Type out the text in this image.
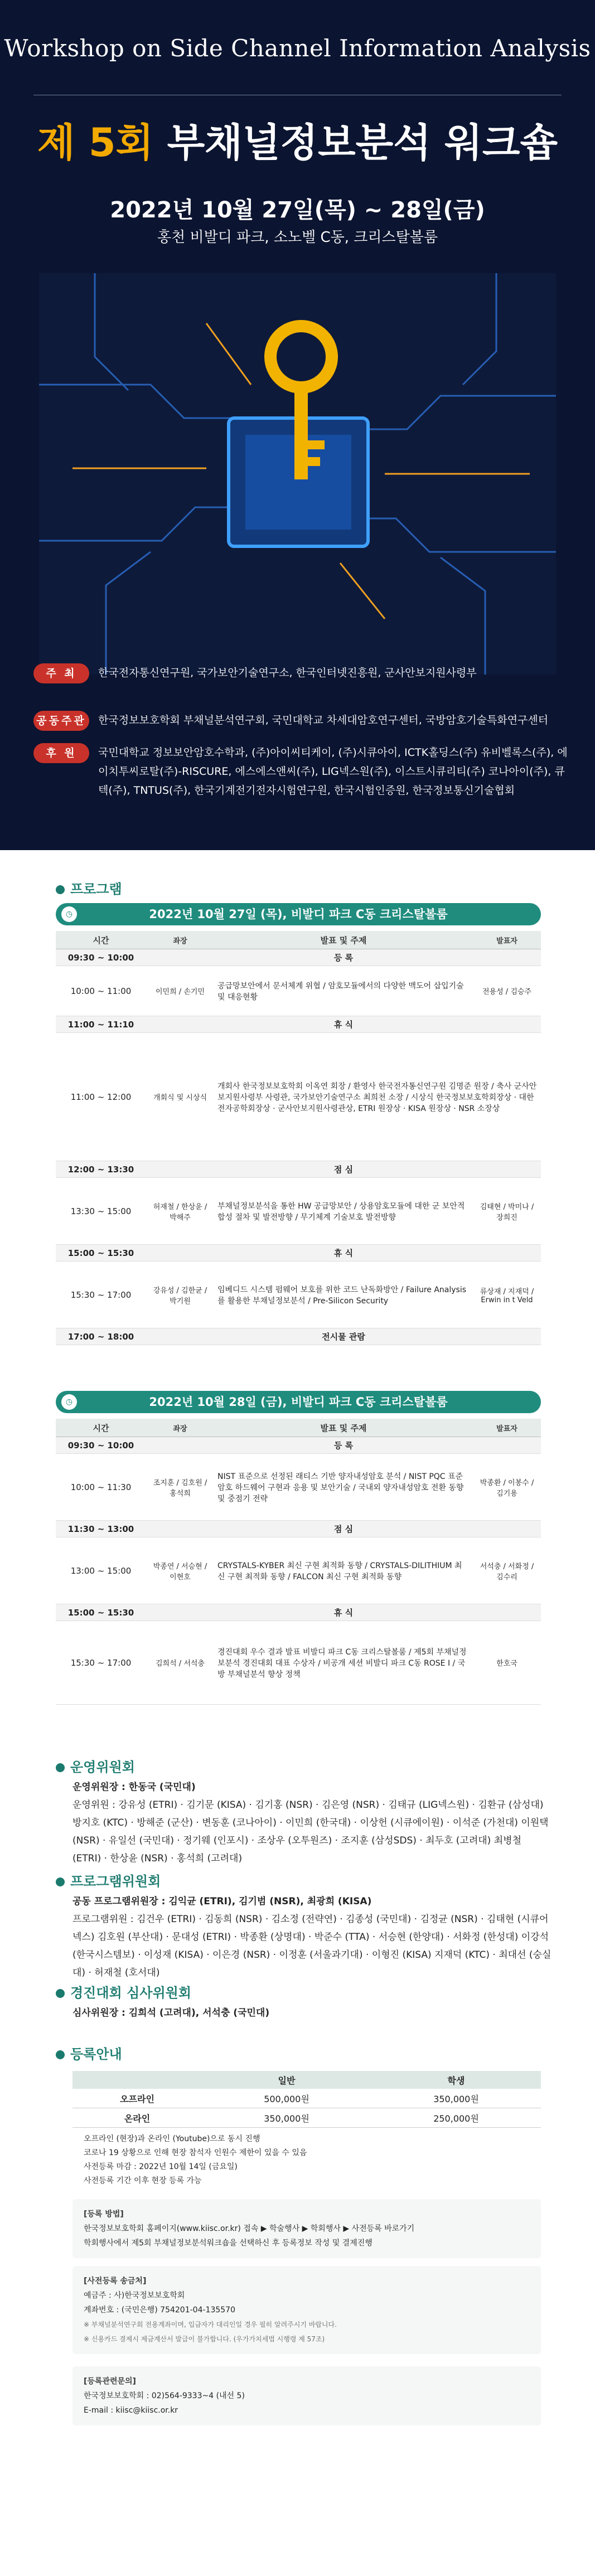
Workshop on Side Channel Information Analysis
제 5회 부채널정보분석 워크숍
2022년 10월 27일(목) ~ 28일(금)
홍천 비발디 파크, 소노벨 C동, 크리스탈볼룸
주 최	한국전자통신연구원, 국가보안기술연구소, 한국인터넷진흥원, 군사안보지원사령부
공동주관 한국정보보호학회 부채널분석연구회, 국민대학교 차세대암호연구센터, 국방암호기술특화연구센터
후 원	국민대학교 정보보안암호수학과, (주)아이씨티케이, (주)시큐아이, ICTK홀딩스(주) 유비벨록스(주), 에이치투씨로탈(주)-RISCURE, 에스에스앤씨(주), LIG넥스원(주), 이스트시큐리티(주) 코나아이(주), 큐텍(주), TNTUS(주), 한국기계전기전자시험연구원, 한국시험인증원, 한국정보통신기술협회
프로그램
◷	2022년 10월 27일 (목), 비발디 파크 C동 크리스탈볼룸
시간	좌장	발표 및 주제	발표자
09:30 ~ 10:00	등 록		
10:00 ~ 11:00	이민희 / 손기민	공급망보안에서 문서체계 위협 / 암호모듈에서의 다양한 맥도어 삽입기술 및 대응현황	전용성 / 김승주
11:00 ~ 11:10	휴 식		
11:00 ~ 12:00	개회식 및 시상식	개회사 한국정보보호학회 이옥연 회장 / 환영사 한국전자통신연구원 김명준 원장 / 축사 군사안보지원사령부 사령관, 국가보안기술연구소 최희천 소장 / 시상식 한국정보보호학회장상 · 대한전자공학회장상 · 군사안보지원사령관상, ETRI 원장상 · KISA 원장상 · NSR 소장상	
12:00 ~ 13:30	점 심		
13:30 ~ 15:00	허재철 / 한상윤 / 박해주	부채널정보분석을 통한 HW 공급망보안 / 상용암호모듈에 대한 군 보안적합성 절차 및 발전방향 / 무기체계 기술보호 발전방향	김태현 / 박미나 / 장희진
15:00 ~ 15:30	휴 식		
15:30 ~ 17:00	강유성 / 김한균 / 박기원	임베디드 시스템 펌웨어 보호를 위한 코드 난독화방안 / Failure Analysis를 활용한 부채널정보분석 / Pre-Silicon Security	류상재 / 지재덕 / Erwin in t Veld
17:00 ~ 18:00	전시물 관람		
◷	2022년 10월 28일 (금), 비발디 파크 C동 크리스탈볼룸
시간	좌장	발표 및 주제	발표자
09:30 ~ 10:00	등 록		
10:00 ~ 11:30	조지훈 / 김호원 / 홍석희	NIST 표준으로 선정된 래티스 기반 양자내성암호 분석 / NIST PQC 표준암호 하드웨어 구현과 응용 및 보안기술 / 국내외 양자내성암호 전환 동향 및 중점기 전략	박종환 / 이봉수 / 김기용
11:30 ~ 13:00	점 심		
13:00 ~ 15:00	박종연 / 서승현 / 이현호	CRYSTALS-KYBER 최신 구현 최적화 동향 / CRYSTALS-DILITHIUM 최신 구현 최적화 동향 / FALCON 최신 구현 최적화 동향	서석충 / 서화정 / 김수리
15:00 ~ 15:30	휴 식		
15:30 ~ 17:00	김희석 / 서석충	경진대회 우수 결과 발표 비발디 파크 C동 크리스탈볼룸 / 제5회 부채널정보분석 경진대회 대표 수상자 / 비공개 세션 비발디 파크 C동 ROSE I / 국방 부채널분석 향상 정책	한호국
운영위원회
운영위원장 : 한동국 (국민대)
운영위원 : 강유성 (ETRI) · 김기문 (KISA) · 김기홍 (NSR) · 김은영 (NSR) · 김태규 (LIG넥스원) · 김환규 (삼성대) 방지호 (KTC) · 방해준 (군산) · 변동훈 (코나아이) · 이민희 (한국대) · 이상헌 (시큐에이원) · 이석준 (가천대) 이원택 (NSR) · 유일선 (국민대) · 정기웨 (인포시) · 조상우 (오투원즈) · 조지훈 (삼성SDS) · 최두호 (고려대) 최병철 (ETRI) · 한상윤 (NSR) · 홍석희 (고려대)
프로그램위원회
공동 프로그램위원장 : 김익균 (ETRI), 김기범 (NSR), 최광희 (KISA)
프로그램위원 : 김건우 (ETRI) · 김동희 (NSR) · 김소정 (전략연) · 김종성 (국민대) · 김정균 (NSR) · 김태현 (시큐어넥스) 김호원 (부산대) · 문대성 (ETRI) · 박종환 (상명대) · 박준수 (TTA) · 서승현 (한양대) · 서화정 (한성대) 이강석 (한국시스템보) · 이성재 (KISA) · 이은경 (NSR) · 이정훈 (서울과기대) · 이형진 (KISA) 지재덕 (KTC) · 최대선 (숭실대) · 허재철 (호서대)
경진대회 심사위원회
심사위원장 : 김희석 (고려대), 서석충 (국민대)
등록안내
	일반	학생
오프라인	500,000원	350,000원
온라인	350,000원	250,000원
오프라인 (현장)과 온라인 (Youtube)으로 동시 진행
코로나 19 상황으로 인해 현장 참석자 인원수 제한이 있을 수 있음
사전등록 마감 : 2022년 10월 14일 (금요일)
사전등록 기간 이후 현장 등록 가능
[등록 방법]
한국정보보호학회 홈페이지(www.kiisc.or.kr) 접속 ▶ 학술행사 ▶ 학회행사 ▶ 사전등록 바로가기
학회행사에서 제5회 부채널정보분석워크숍을 선택하신 후 등록정보 작성 및 결제진행
[사전등록 송금처]
예금주 : 사)한국정보보호학회
계좌번호 : (국민은행) 754201-04-135570
※ 부채널분석연구회 전용계좌이며, 입금자가 대리인일 경우 필히 알려주시기 바랍니다.
※ 신용카드 결제시 제금계산서 발급이 불가합니다. (우가가치세법 시행령 제 57조)
[등록관련문의]
한국정보보호학회 : 02)564-9333~4 (내선 5)
E-mail : kiisc@kiisc.or.kr
